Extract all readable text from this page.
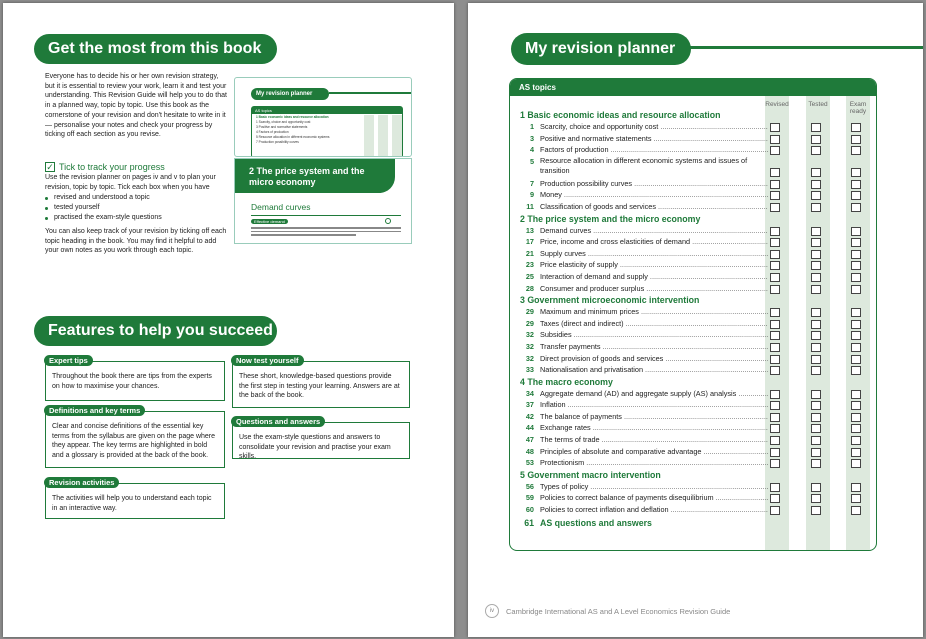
Get the most from this book
Everyone has to decide his or her own revision strategy, but it is essential to review your work, learn it and test your understanding. This Revision Guide will help you to do that in a planned way, topic by topic. Use this book as the cornerstone of your revision and don't hesitate to write in it — personalise your notes and check your progress by ticking off each section as you revise.
✓ Tick to track your progress
Use the revision planner on pages iv and v to plan your revision, topic by topic. Tick each box when you have
revised and understood a topic
tested yourself
practised the exam-style questions
You can also keep track of your revision by ticking off each topic heading in the book. You may find it helpful to add your own notes as you work through each topic.
My revision planner
AS topics
1 Basic economic ideas and resource allocation
1 Scarcity, choice and opportunity cost
3 Positive and normative statements
4 Factors of production
5 Resource allocation in different economic systems
7 Production possibility curves
2 The price system and the micro economy
Demand curves
Effective demand
Features to help you succeed
Expert tips
Throughout the book there are tips from the experts on how to maximise your chances.
Definitions and key terms
Clear and concise definitions of the essential key terms from the syllabus are given on the page where they appear. The key terms are highlighted in bold and a glossary is provided at the back of the book.
Revision activities
The activities will help you to understand each topic in an interactive way.
Now test yourself
These short, knowledge-based questions provide the first step in testing your learning. Answers are at the back of the book.
Questions and answers
Use the exam-style questions and answers to consolidate your revision and practise your exam skills.
My revision planner
AS topics
Revised	Tested	Exam ready
1 Basic economic ideas and resource allocation
1 Scarcity, choice and opportunity cost .....
3 Positive and normative statements .....
4 Factors of production .....
5 Resource allocation in different economic systems and issues of transition
7 Production possibility curves .....
9 Money .....
11 Classification of goods and services .....
2 The price system and the micro economy
13 Demand curves .....
17 Price, income and cross elasticities of demand .....
21 Supply curves .....
23 Price elasticity of supply .....
25 Interaction of demand and supply .....
28 Consumer and producer surplus .....
3 Government microeconomic intervention
29 Maximum and minimum prices .....
29 Taxes (direct and indirect) .....
32 Subsidies .....
32 Transfer payments .....
32 Direct provision of goods and services .....
33 Nationalisation and privatisation .....
4 The macro economy
34 Aggregate demand (AD) and aggregate supply (AS) analysis .....
37 Inflation .....
42 The balance of payments .....
44 Exchange rates .....
47 The terms of trade .....
48 Principles of absolute and comparative advantage .....
53 Protectionism .....
5 Government macro intervention
56 Types of policy .....
59 Policies to correct balance of payments disequilibrium .....
60 Policies to correct inflation and deflation .....
61 AS questions and answers
iv	Cambridge International AS and A Level Economics Revision Guide
